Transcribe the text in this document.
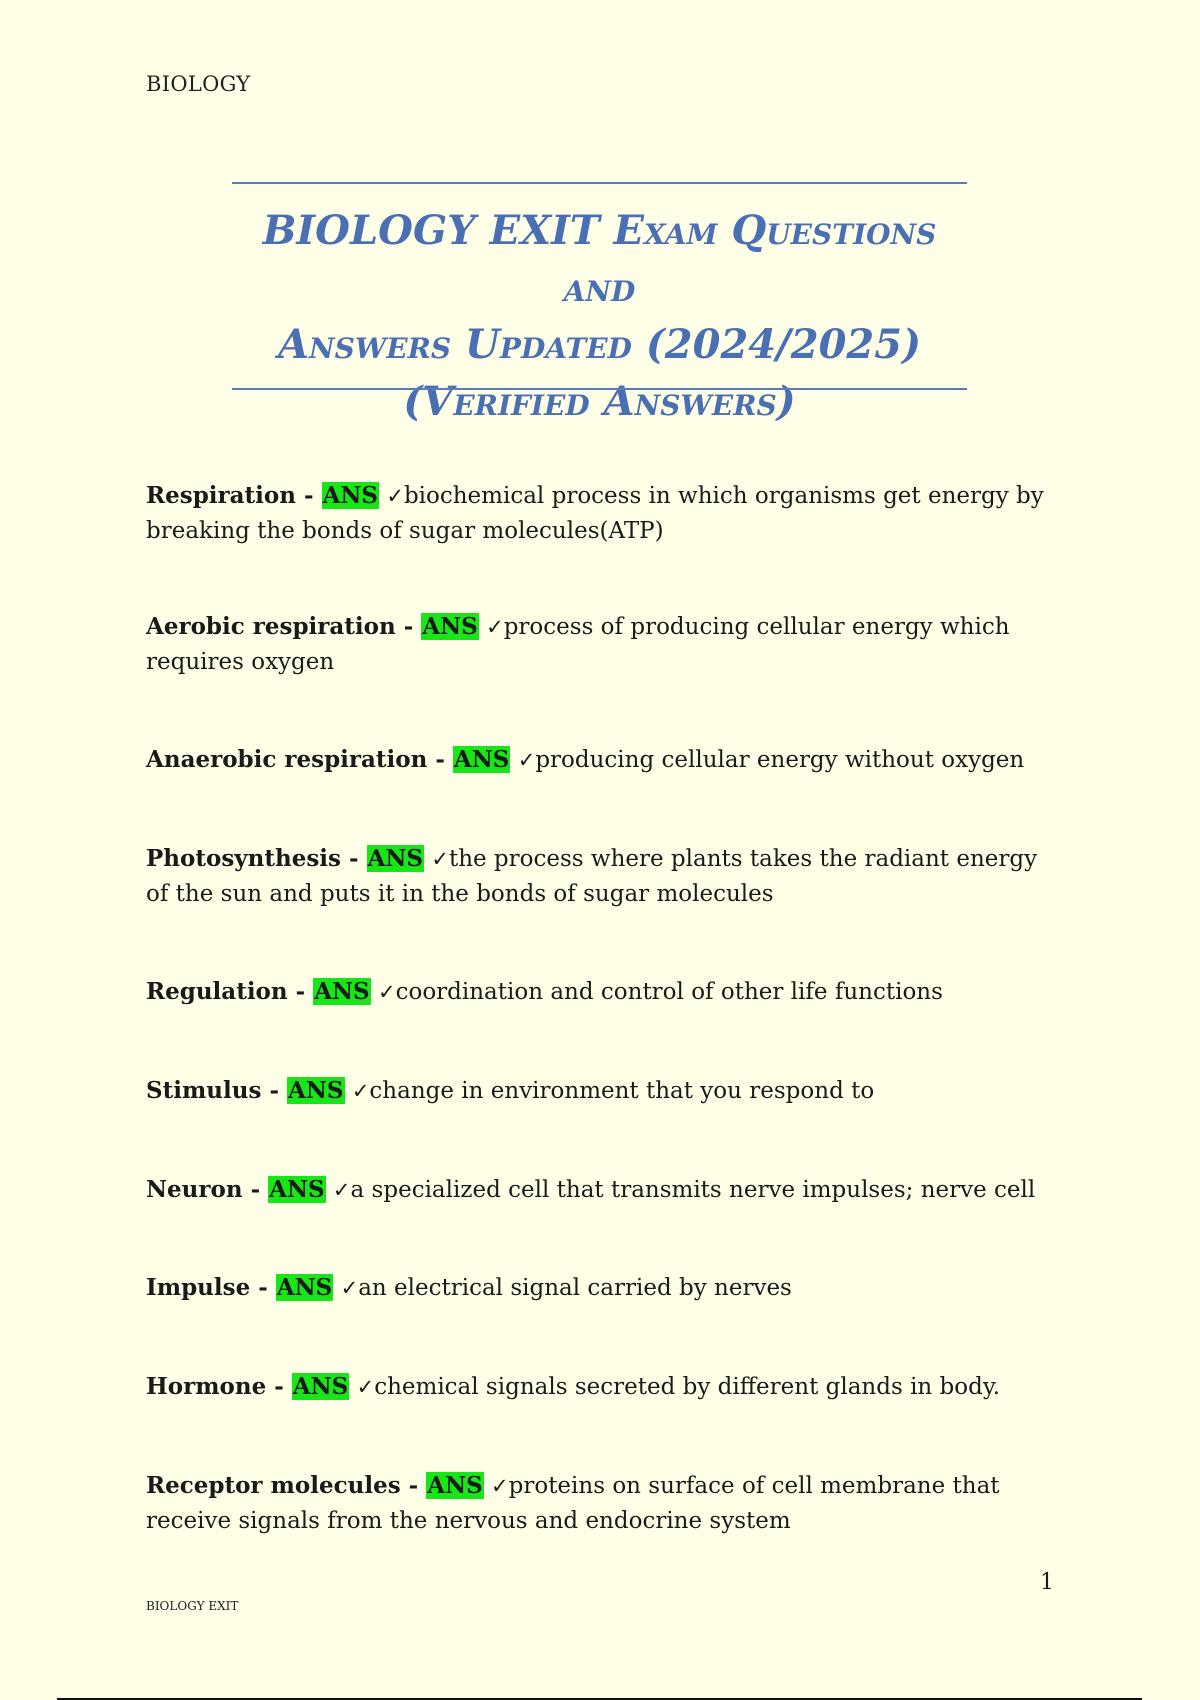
BIOLOGY
BIOLOGY EXIT Exam Questions and
Answers Updated (2024/2025)
(Verified Answers)
Respiration - ANS ✓biochemical process in which organisms get energy by breaking the bonds of sugar molecules(ATP)
Aerobic respiration - ANS ✓process of producing cellular energy which requires oxygen
Anaerobic respiration - ANS ✓producing cellular energy without oxygen
Photosynthesis - ANS ✓the process where plants takes the radiant energy of the sun and puts it in the bonds of sugar molecules
Regulation - ANS ✓coordination and control of other life functions
Stimulus - ANS ✓change in environment that you respond to
Neuron - ANS ✓a specialized cell that transmits nerve impulses; nerve cell
Impulse - ANS ✓an electrical signal carried by nerves
Hormone - ANS ✓chemical signals secreted by different glands in body.
Receptor molecules - ANS ✓proteins on surface of cell membrane that receive signals from the nervous and endocrine system
1
BIOLOGY EXIT
